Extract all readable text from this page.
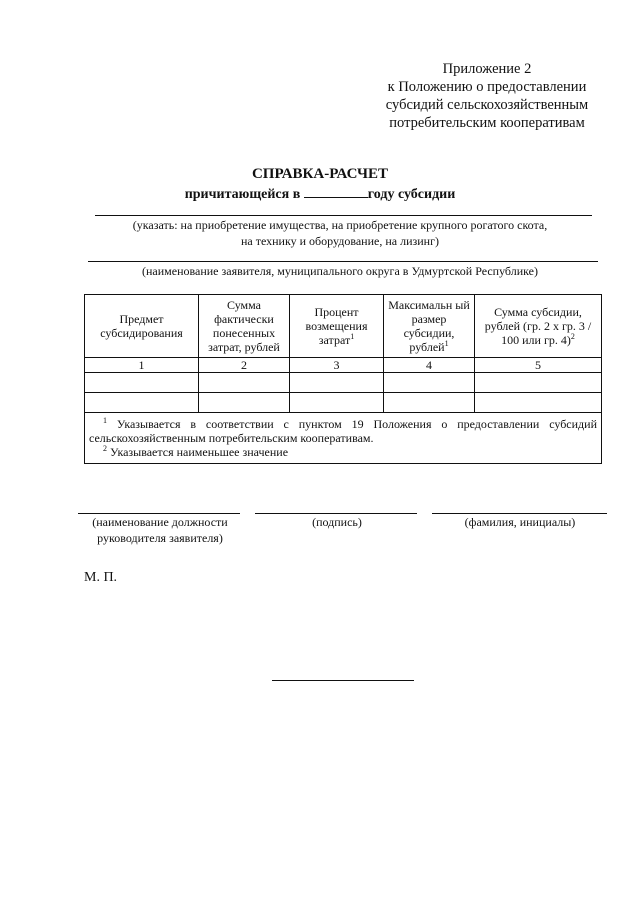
Приложение 2
к Положению о предоставлении
субсидий сельскохозяйственным
потребительским кооперативам
СПРАВКА-РАСЧЕТ
причитающейся в	году субсидии
(указать: на приобретение имущества, на приобретение крупного рогатого скота,
на технику и оборудование, на лизинг)
(наименование заявителя, муниципального округа в Удмуртской Республике)
Предмет субсидирования	Сумма фактически понесенных затрат, рублей	Процент возмещения затрат$^1$	Максимальн ый размер субсидии, рублей$^1$	Сумма субсидии, рублей (гр. 2 х гр. 3 / 100 или гр. 4)$^2$
1	2	3	4	5

$^1$ Указывается в соответствии с пунктом 19 Положения о предоставлении субсидий сельскохозяйственным потребительским кооперативам.
$^2$ Указывается наименьшее значение				
(наименование должности
руководителя заявителя)
(подпись)	(фамилия, инициалы)
М. П.
